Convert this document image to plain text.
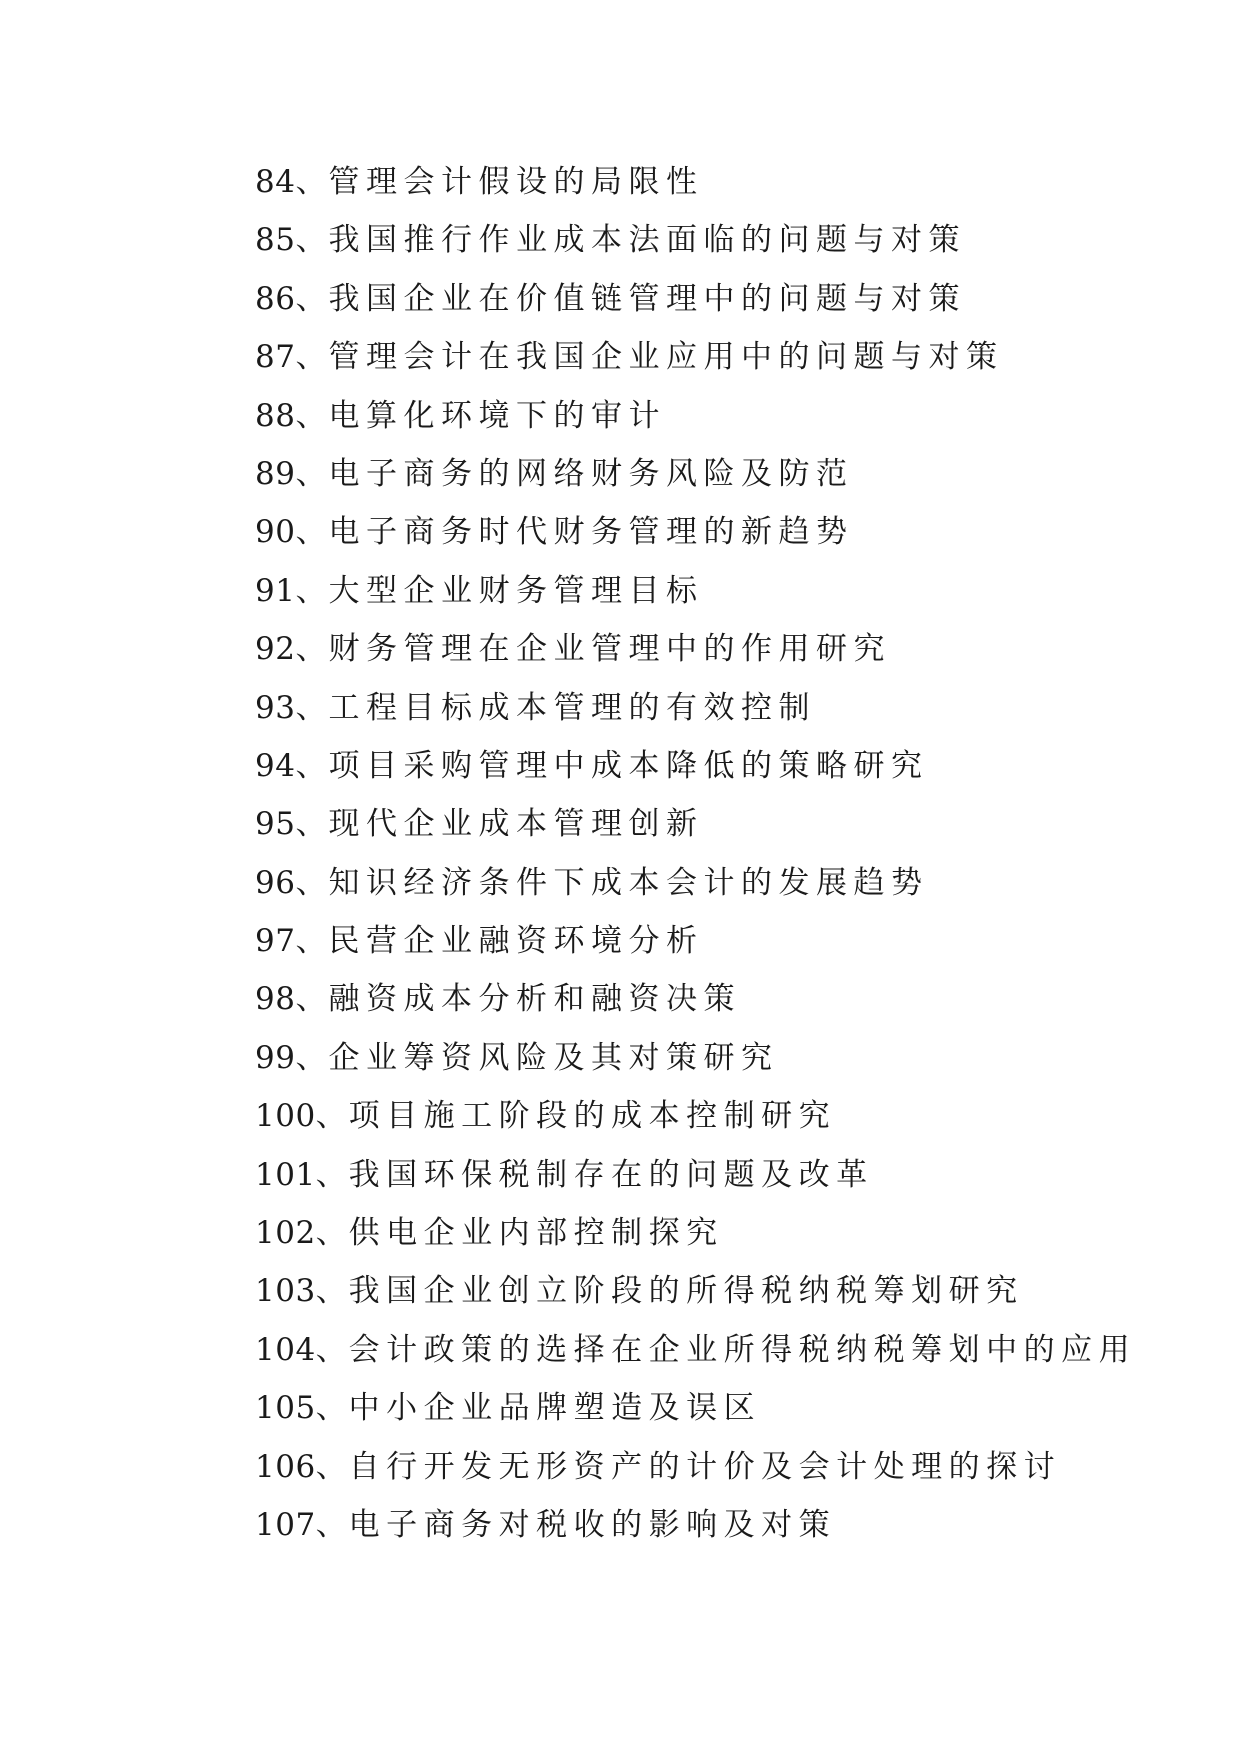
84、管理会计假设的局限性
85、我国推行作业成本法面临的问题与对策
86、我国企业在价值链管理中的问题与对策
87、管理会计在我国企业应用中的问题与对策
88、电算化环境下的审计
89、电子商务的网络财务风险及防范
90、电子商务时代财务管理的新趋势
91、大型企业财务管理目标
92、财务管理在企业管理中的作用研究
93、工程目标成本管理的有效控制
94、项目采购管理中成本降低的策略研究
95、现代企业成本管理创新
96、知识经济条件下成本会计的发展趋势
97、民营企业融资环境分析
98、融资成本分析和融资决策
99、企业筹资风险及其对策研究
100、项目施工阶段的成本控制研究
101、我国环保税制存在的问题及改革
102、供电企业内部控制探究
103、我国企业创立阶段的所得税纳税筹划研究
104、会计政策的选择在企业所得税纳税筹划中的应用
105、中小企业品牌塑造及误区
106、自行开发无形资产的计价及会计处理的探讨
107、电子商务对税收的影响及对策
